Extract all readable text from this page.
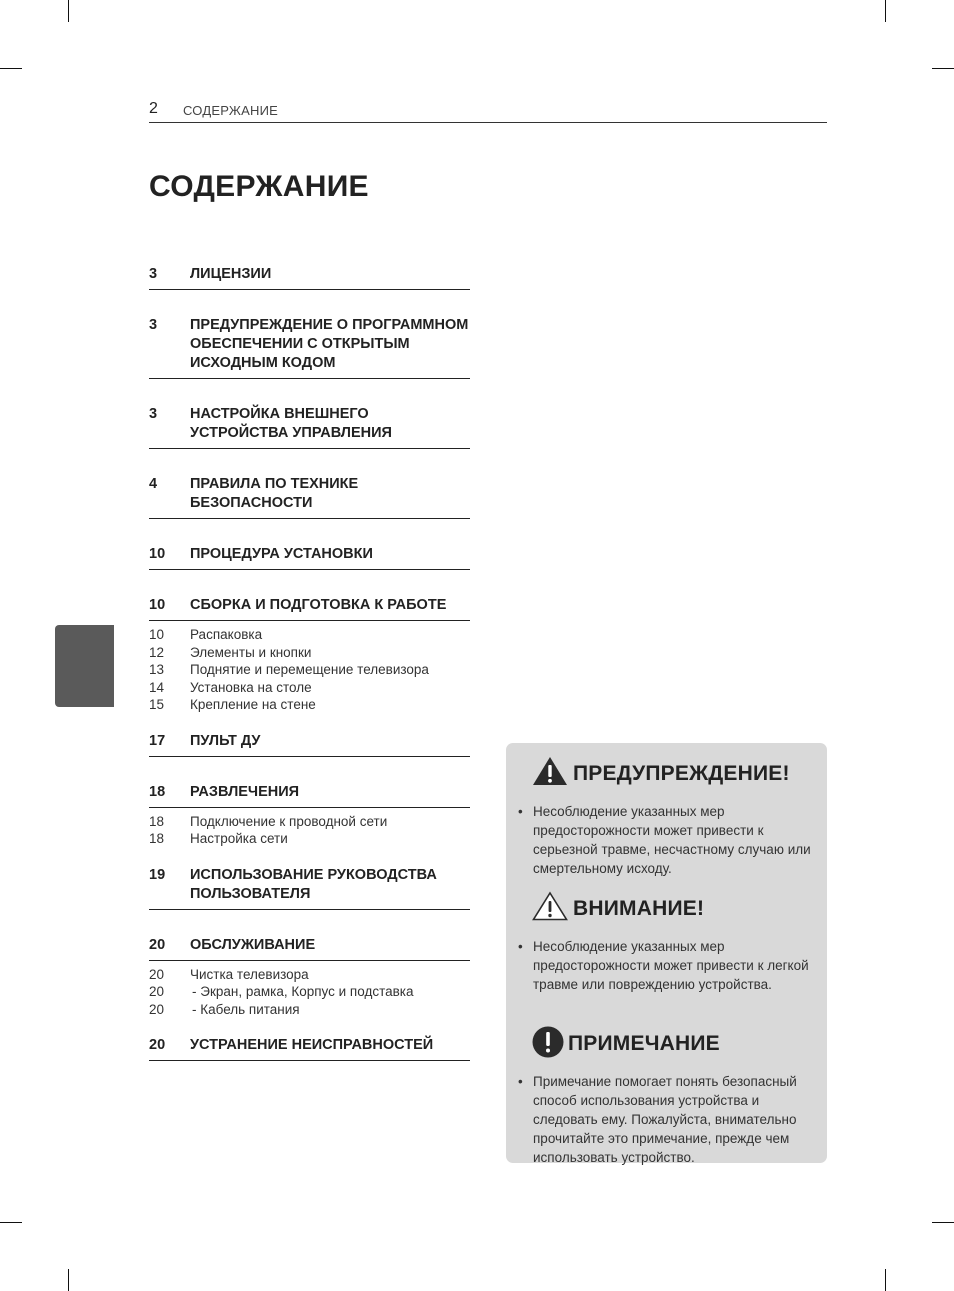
2 СОДЕРЖАНИЕ
СОДЕРЖАНИЕ
Русский
3 ЛИЦЕНЗИИ
3 ПРЕДУПРЕЖДЕНИЕ О ПРОГРАММНОМ ОБЕСПЕЧЕНИИ С ОТКРЫТЫМ ИСХОДНЫМ КОДОМ
3 НАСТРОЙКА ВНЕШНЕГО УСТРОЙСТВА УПРАВЛЕНИЯ
4 ПРАВИЛА ПО ТЕХНИКЕ БЕЗОПАСНОСТИ
10 ПРОЦЕДУРА УСТАНОВКИ
10 СБОРКА И ПОДГОТОВКА К РАБОТЕ
10 Распаковка
12 Элементы и кнопки
13 Поднятие и перемещение телевизора
14 Установка на столе
15 Крепление на стене
17 ПУЛЬТ ДУ
18 РАЗВЛЕЧЕНИЯ
18 Подключение к проводной сети
18 Настройка сети
19 ИСПОЛЬЗОВАНИЕ РУКОВОДСТВА ПОЛЬЗОВАТЕЛЯ
20 ОБСЛУЖИВАНИЕ
20 Чистка телевизора
20 - Экран, рамка, Корпус и подставка
20 - Кабель питания
20 УСТРАНЕНИЕ НЕИСПРАВНОСТЕЙ
ПРЕДУПРЕЖДЕНИЕ!
• Несоблюдение указанных мер предосторожности может привести к серьезной травме, несчастному случаю или смертельному исходу.
ВНИМАНИЕ!
• Несоблюдение указанных мер предосторожности может привести к легкой травме или повреждению устройства.
ПРИМЕЧАНИЕ
• Примечание помогает понять безопасный способ использования устройства и следовать ему. Пожалуйста, внимательно прочитайте это примечание, прежде чем использовать устройство.
